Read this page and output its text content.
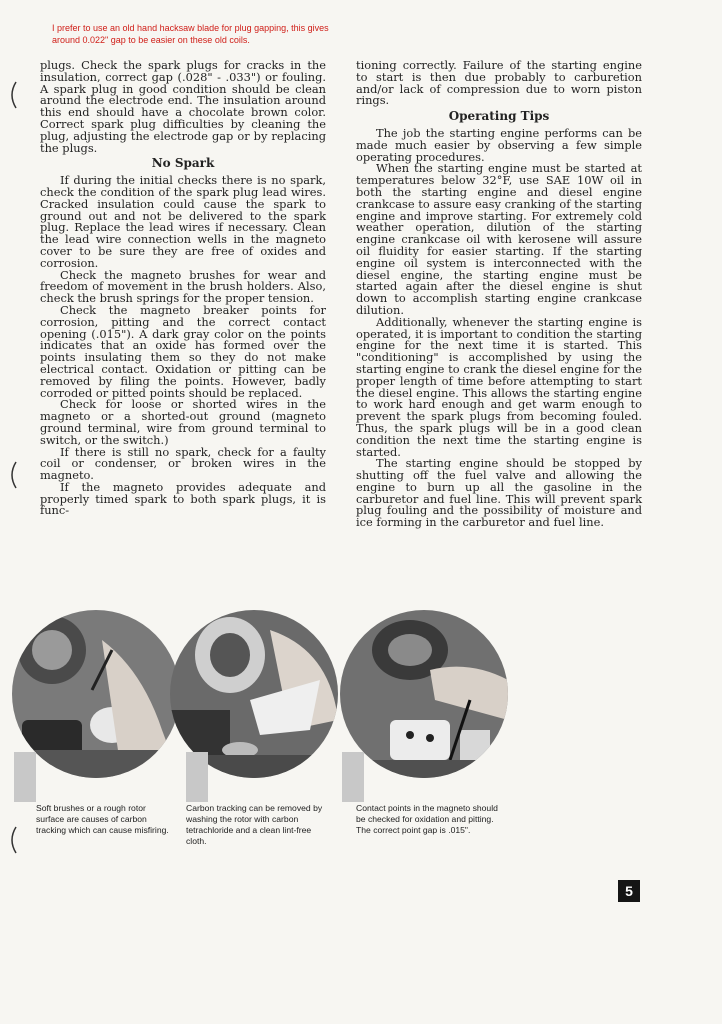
I prefer to use an old hand hacksaw blade for plug gapping, this gives around 0.022" gap to be easier on these old coils.

plugs. Check the spark plugs for cracks in the insulation, correct gap (.028" - .033") or fouling. A spark plug in good condition should be clean around the electrode end. The insulation around this end should have a chocolate brown color. Correct spark plug difficulties by cleaning the plug, adjusting the electrode gap or by replacing the plugs.

No Spark

If during the initial checks there is no spark, check the condition of the spark plug lead wires. Cracked insulation could cause the spark to ground out and not be delivered to the spark plug. Replace the lead wires if necessary. Clean the lead wire connection wells in the magneto cover to be sure they are free of oxides and corrosion.

Check the magneto brushes for wear and freedom of movement in the brush holders. Also, check the brush springs for the proper tension.

Check the magneto breaker points for corrosion, pitting and the correct contact opening (.015"). A dark gray color on the points indicates that an oxide has formed over the points insulating them so they do not make electrical contact. Oxidation or pitting can be removed by filing the points. However, badly corroded or pitted points should be replaced.

Check for loose or shorted wires in the magneto or a shorted-out ground (magneto ground terminal, wire from ground terminal to switch, or the switch.)

If there is still no spark, check for a faulty coil or condenser, or broken wires in the magneto.

If the magneto provides adequate and properly timed spark to both spark plugs, it is func-

tioning correctly. Failure of the starting engine to start is then due probably to carburetion and/or lack of compression due to worn piston rings.

Operating Tips

The job the starting engine performs can be made much easier by observing a few simple operating procedures.

When the starting engine must be started at temperatures below 32°F, use SAE 10W oil in both the starting engine and diesel engine crankcase to assure easy cranking of the starting engine and improve starting. For extremely cold weather operation, dilution of the starting engine crankcase oil with kerosene will assure oil fluidity for easier starting. If the starting engine oil system is interconnected with the diesel engine, the starting engine must be started again after the diesel engine is shut down to accomplish starting engine crankcase dilution.

Additionally, whenever the starting engine is operated, it is important to condition the starting engine for the next time it is started. This "conditioning" is accomplished by using the starting engine to crank the diesel engine for the proper length of time before attempting to start the diesel engine. This allows the starting engine to work hard enough and get warm enough to prevent the spark plugs from becoming fouled. Thus, the spark plugs will be in a good clean condition the next time the starting engine is started.

The starting engine should be stopped by shutting off the fuel valve and allowing the engine to burn up all the gasoline in the carburetor and fuel line. This will prevent spark plug fouling and the possibility of moisture and ice forming in the carburetor and fuel line.

Soft brushes or a rough rotor surface are causes of carbon tracking which can cause misfiring.
Carbon tracking can be removed by washing the rotor with carbon tetrachloride and a clean lint-free cloth.
Contact points in the magneto should be checked for oxidation and pitting. The correct point gap is .015".
5
